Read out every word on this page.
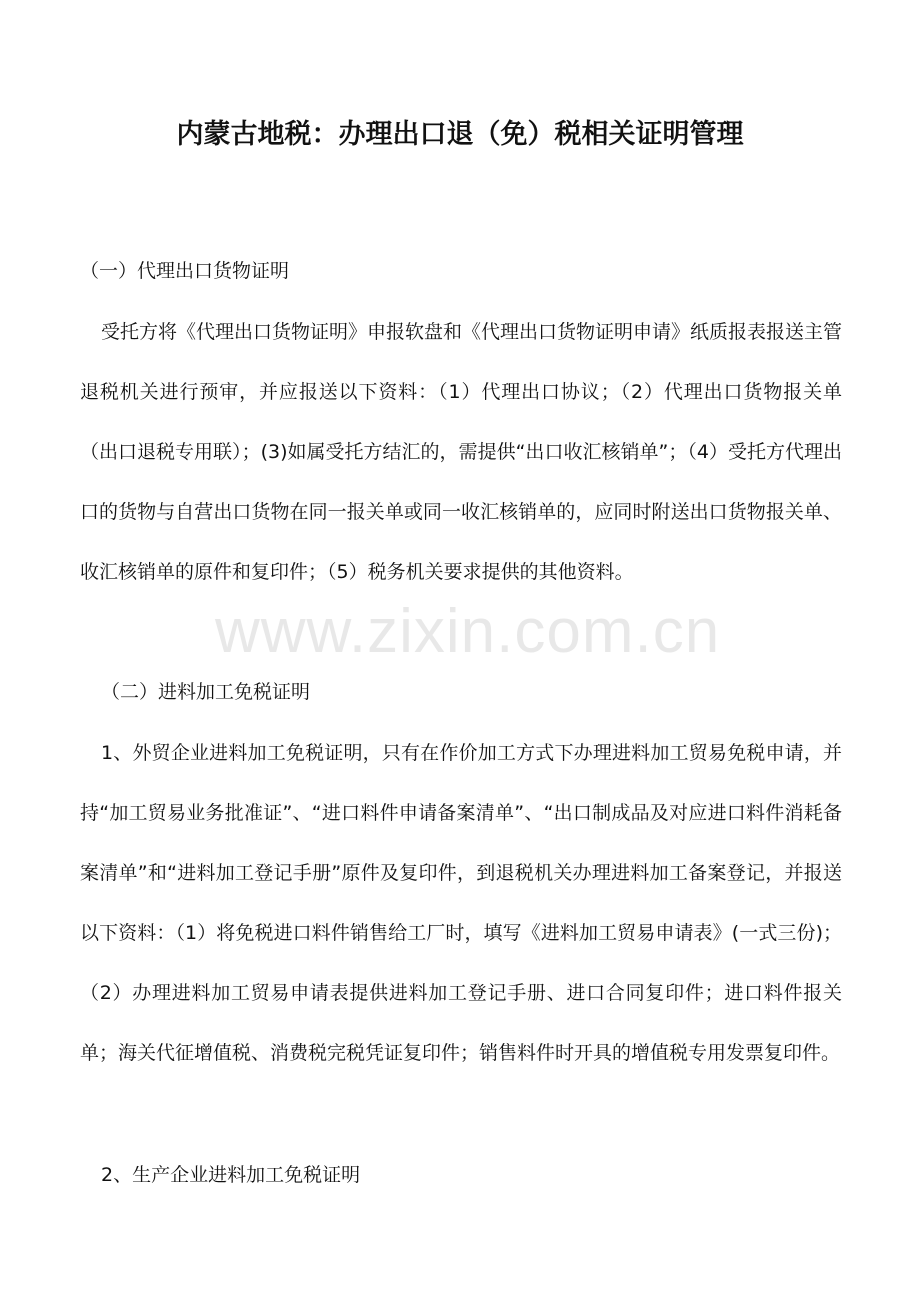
内蒙古地税：办理出口退（免）税相关证明管理
（一）代理出口货物证明
受托方将《代理出口货物证明》申报软盘和《代理出口货物证明申请》纸质报表报送主管退税机关进行预审，并应报送以下资料：（1）代理出口协议；（2）代理出口货物报关单（出口退税专用联）；(3)如属受托方结汇的，需提供“出口收汇核销单”；（4）受托方代理出口的货物与自营出口货物在同一报关单或同一收汇核销单的，应同时附送出口货物报关单、收汇核销单的原件和复印件；（5）税务机关要求提供的其他资料。
（二）进料加工免税证明
1、外贸企业进料加工免税证明，只有在作价加工方式下办理进料加工贸易免税申请，并持“加工贸易业务批准证”、“进口料件申请备案清单”、“出口制成品及对应进口料件消耗备案清单”和“进料加工登记手册”原件及复印件，到退税机关办理进料加工备案登记，并报送以下资料：（1）将免税进口料件销售给工厂时，填写《进料加工贸易申请表》(一式三份)；（2）办理进料加工贸易申请表提供进料加工登记手册、进口合同复印件；进口料件报关单；海关代征增值税、消费税完税凭证复印件；销售料件时开具的增值税专用发票复印件。
2、生产企业进料加工免税证明
www.zixin.com.cn
